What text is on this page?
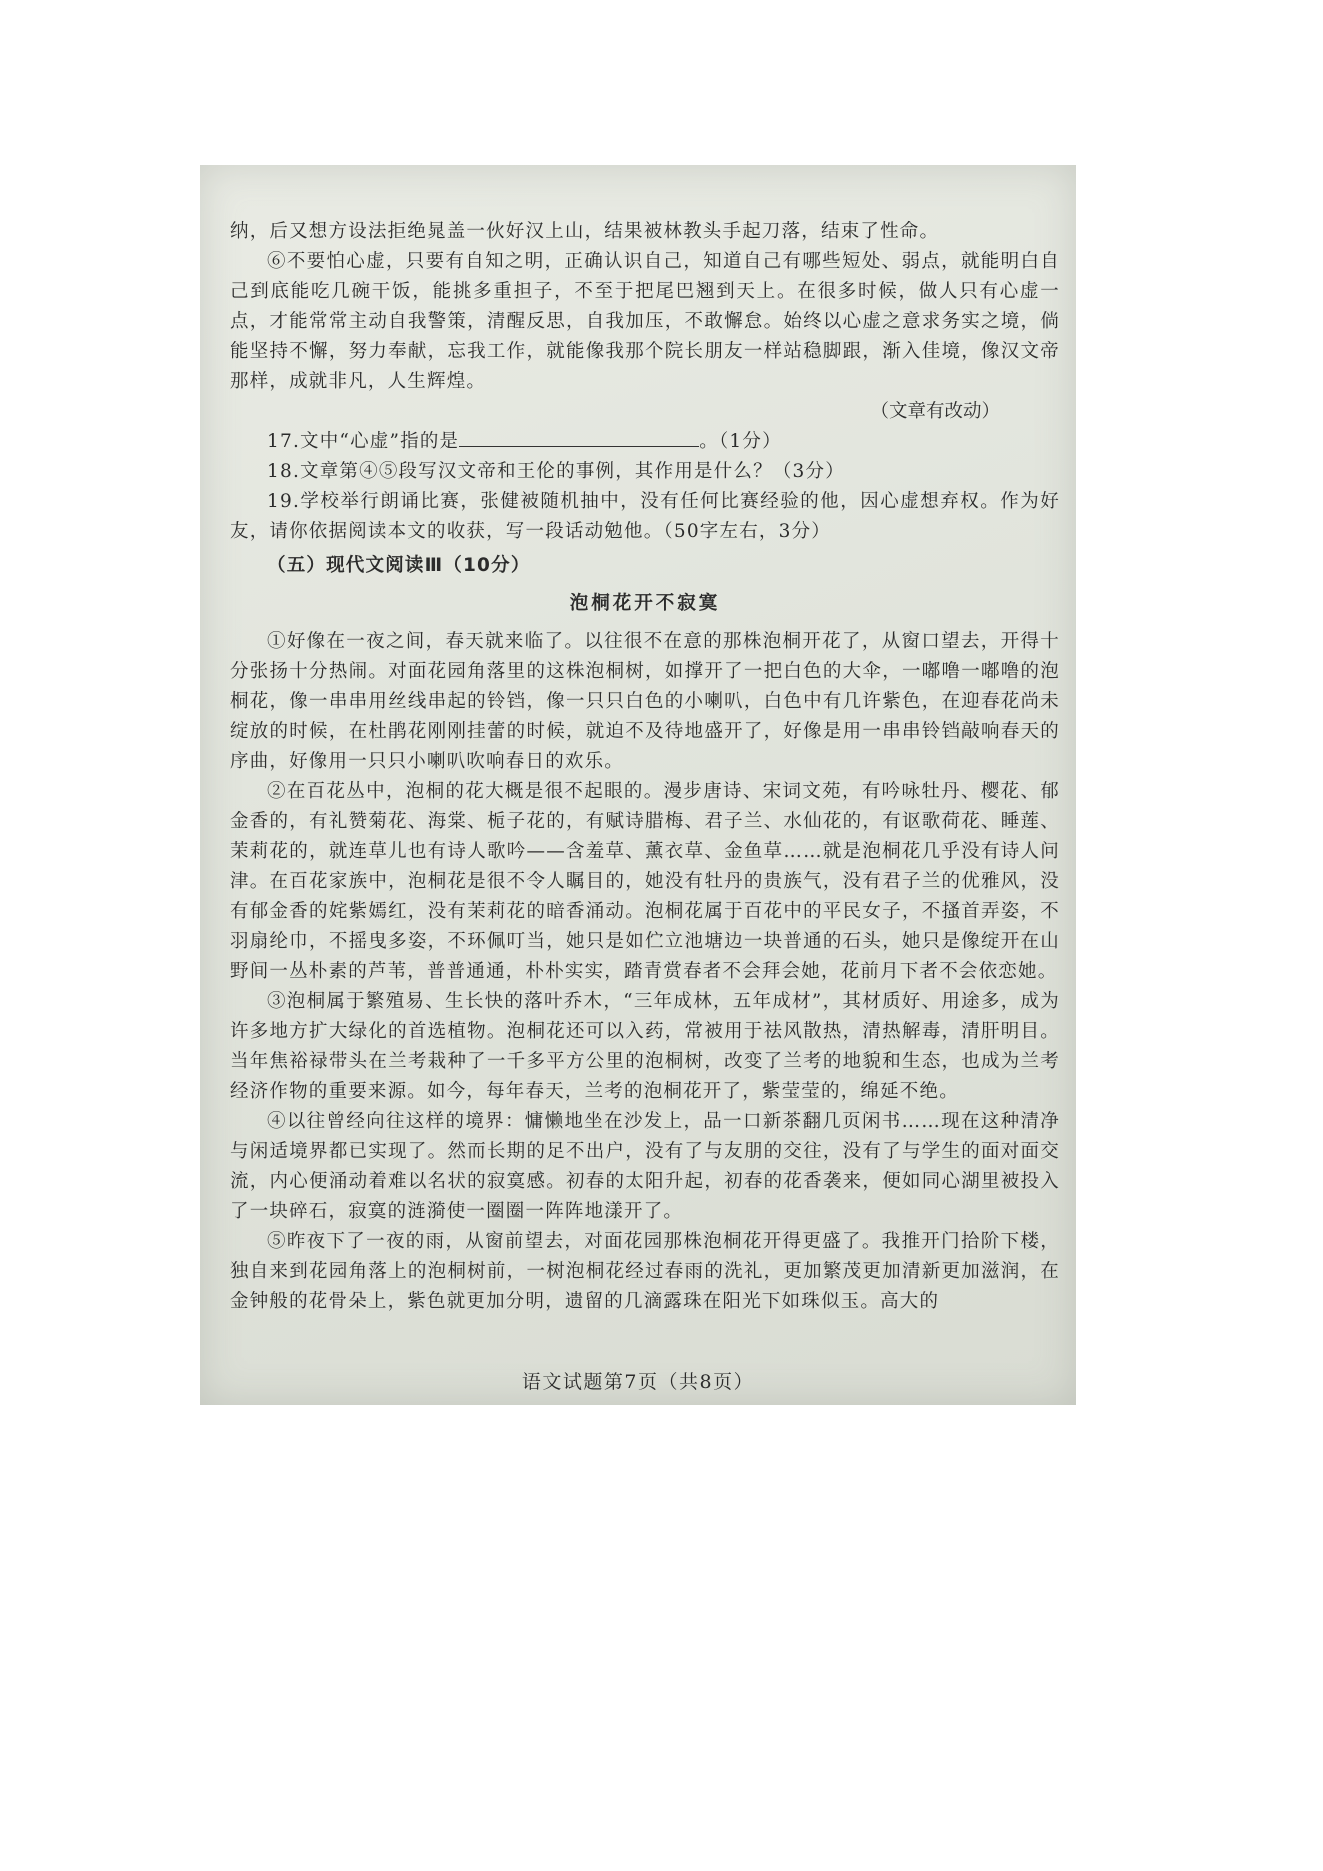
纳，后又想方设法拒绝晁盖一伙好汉上山，结果被林教头手起刀落，结束了性命。

⑥不要怕心虚，只要有自知之明，正确认识自己，知道自己有哪些短处、弱点，就能明白自己到底能吃几碗干饭，能挑多重担子，不至于把尾巴翘到天上。在很多时候，做人只有心虚一点，才能常常主动自我警策，清醒反思，自我加压，不敢懈怠。始终以心虚之意求务实之境，倘能坚持不懈，努力奉献，忘我工作，就能像我那个院长朋友一样站稳脚跟，渐入佳境，像汉文帝那样，成就非凡，人生辉煌。

（文章有改动）

17.文中“心虚”指的是	。（1分）

18.文章第④⑤段写汉文帝和王伦的事例，其作用是什么？（3分）

19.学校举行朗诵比赛，张健被随机抽中，没有任何比赛经验的他，因心虚想弃权。作为好友，请你依据阅读本文的收获，写一段话动勉他。（50字左右，3分）

（五）现代文阅读Ⅲ（10分）

泡桐花开不寂寞

①好像在一夜之间，春天就来临了。以往很不在意的那株泡桐开花了，从窗口望去，开得十分张扬十分热闹。对面花园角落里的这株泡桐树，如撑开了一把白色的大伞，一嘟噜一嘟噜的泡桐花，像一串串用丝线串起的铃铛，像一只只白色的小喇叭，白色中有几许紫色，在迎春花尚未绽放的时候，在杜鹃花刚刚挂蕾的时候，就迫不及待地盛开了，好像是用一串串铃铛敲响春天的序曲，好像用一只只小喇叭吹响春日的欢乐。

②在百花丛中，泡桐的花大概是很不起眼的。漫步唐诗、宋词文苑，有吟咏牡丹、樱花、郁金香的，有礼赞菊花、海棠、栀子花的，有赋诗腊梅、君子兰、水仙花的，有讴歌荷花、睡莲、茉莉花的，就连草儿也有诗人歌吟——含羞草、薰衣草、金鱼草……就是泡桐花几乎没有诗人问津。在百花家族中，泡桐花是很不令人瞩目的，她没有牡丹的贵族气，没有君子兰的优雅风，没有郁金香的姹紫嫣红，没有茉莉花的暗香涌动。泡桐花属于百花中的平民女子，不搔首弄姿，不羽扇纶巾，不摇曳多姿，不环佩叮当，她只是如伫立池塘边一块普通的石头，她只是像绽开在山野间一丛朴素的芦苇，普普通通，朴朴实实，踏青赏春者不会拜会她，花前月下者不会依恋她。

③泡桐属于繁殖易、生长快的落叶乔木，“三年成林，五年成材”，其材质好、用途多，成为许多地方扩大绿化的首选植物。泡桐花还可以入药，常被用于祛风散热，清热解毒，清肝明目。当年焦裕禄带头在兰考栽种了一千多平方公里的泡桐树，改变了兰考的地貌和生态，也成为兰考经济作物的重要来源。如今，每年春天，兰考的泡桐花开了，紫莹莹的，绵延不绝。

④以往曾经向往这样的境界：慵懒地坐在沙发上，品一口新茶翻几页闲书……现在这种清净与闲适境界都已实现了。然而长期的足不出户，没有了与友朋的交往，没有了与学生的面对面交流，内心便涌动着难以名状的寂寞感。初春的太阳升起，初春的花香袭来，便如同心湖里被投入了一块碎石，寂寞的涟漪使一圈圈一阵阵地漾开了。

⑤昨夜下了一夜的雨，从窗前望去，对面花园那株泡桐花开得更盛了。我推开门拾阶下楼，独自来到花园角落上的泡桐树前，一树泡桐花经过春雨的洗礼，更加繁茂更加清新更加滋润，在金钟般的花骨朵上，紫色就更加分明，遗留的几滴露珠在阳光下如珠似玉。高大的

语文试题第7页（共8页）
